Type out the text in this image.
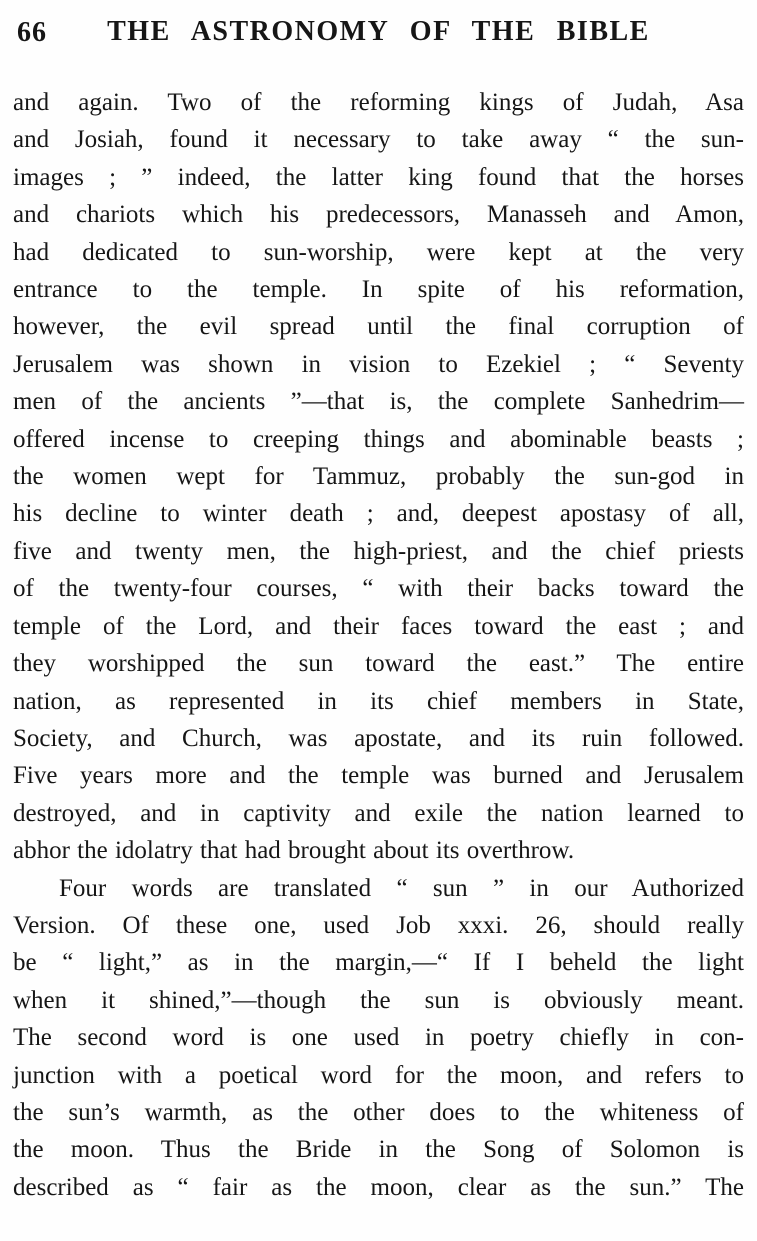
66	THE ASTRONOMY OF THE BIBLE
and again. Two of the reforming kings of Judah, Asa
and Josiah, found it necessary to take away “ the sun-
images ; ” indeed, the latter king found that the horses
and chariots which his predecessors, Manasseh and Amon,
had dedicated to sun-worship, were kept at the very
entrance to the temple. In spite of his reformation,
however, the evil spread until the final corruption of
Jerusalem was shown in vision to Ezekiel ; “ Seventy
men of the ancients ”—that is, the complete Sanhedrim—
offered incense to creeping things and abominable beasts ;
the women wept for Tammuz, probably the sun-god in
his decline to winter death ; and, deepest apostasy of all,
five and twenty men, the high-priest, and the chief priests
of the twenty-four courses, “ with their backs toward the
temple of the Lord, and their faces toward the east ; and
they worshipped the sun toward the east.” The entire
nation, as represented in its chief members in State,
Society, and Church, was apostate, and its ruin followed.
Five years more and the temple was burned and Jerusalem
destroyed, and in captivity and exile the nation learned to
abhor the idolatry that had brought about its overthrow.
Four words are translated “ sun ” in our Authorized
Version. Of these one, used Job xxxi. 26, should really
be “ light,” as in the margin,—“ If I beheld the light
when it shined,”—though the sun is obviously meant.
The second word is one used in poetry chiefly in con-
junction with a poetical word for the moon, and refers to
the sun’s warmth, as the other does to the whiteness of
the moon. Thus the Bride in the Song of Solomon is
described as “ fair as the moon, clear as the sun.” The
